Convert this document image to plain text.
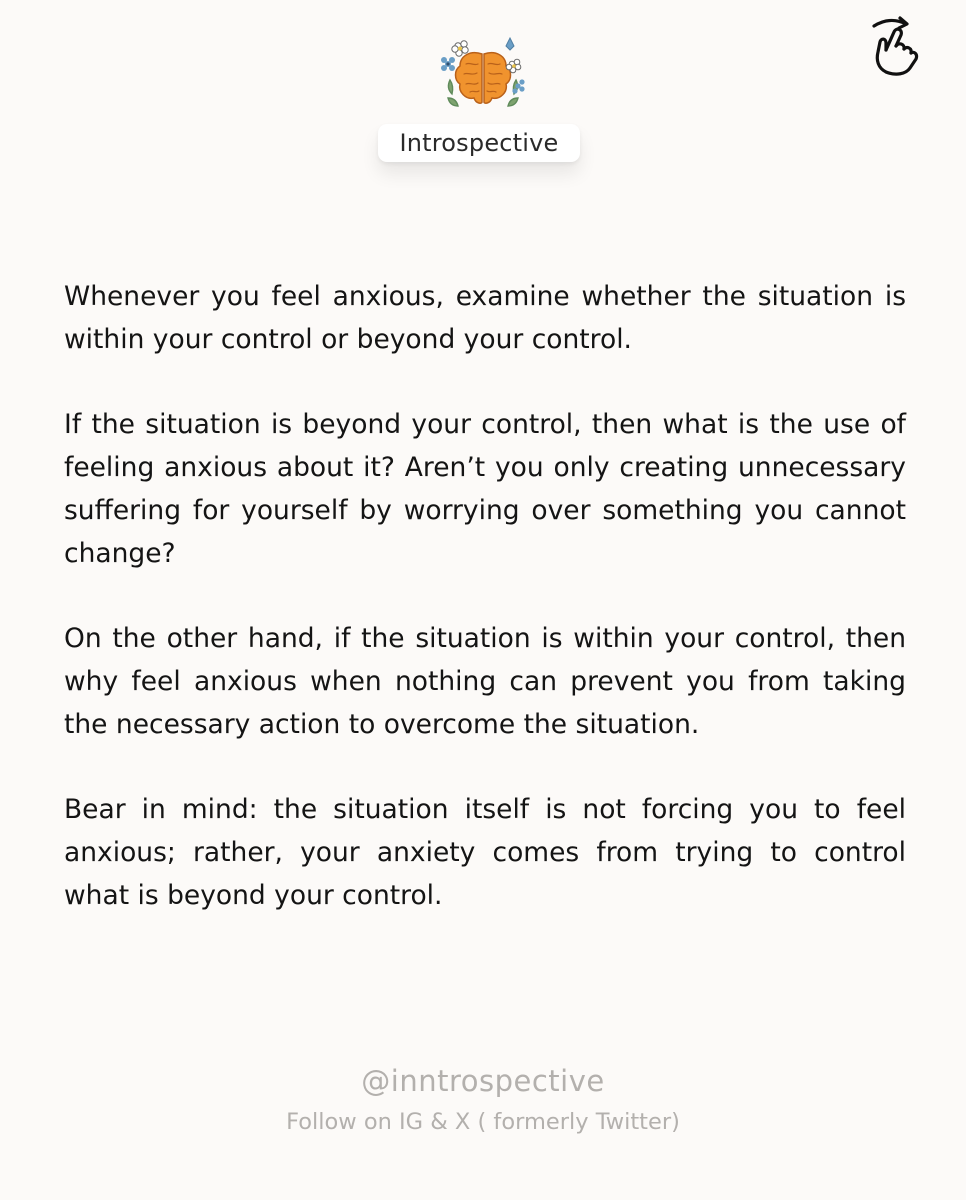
Introspective

Whenever you feel anxious, examine whether the situation is within your control or beyond your control.

If the situation is beyond your control, then what is the use of feeling anxious about it? Aren’t you only creating unnecessary suffering for yourself by worrying over something you cannot change?

On the other hand, if the situation is within your control, then why feel anxious when nothing can prevent you from taking the necessary action to overcome the situation.

Bear in mind: the situation itself is not forcing you to feel anxious; rather, your anxiety comes from trying to control what is beyond your control.

@inntrospective
Follow on IG & X ( formerly Twitter)
